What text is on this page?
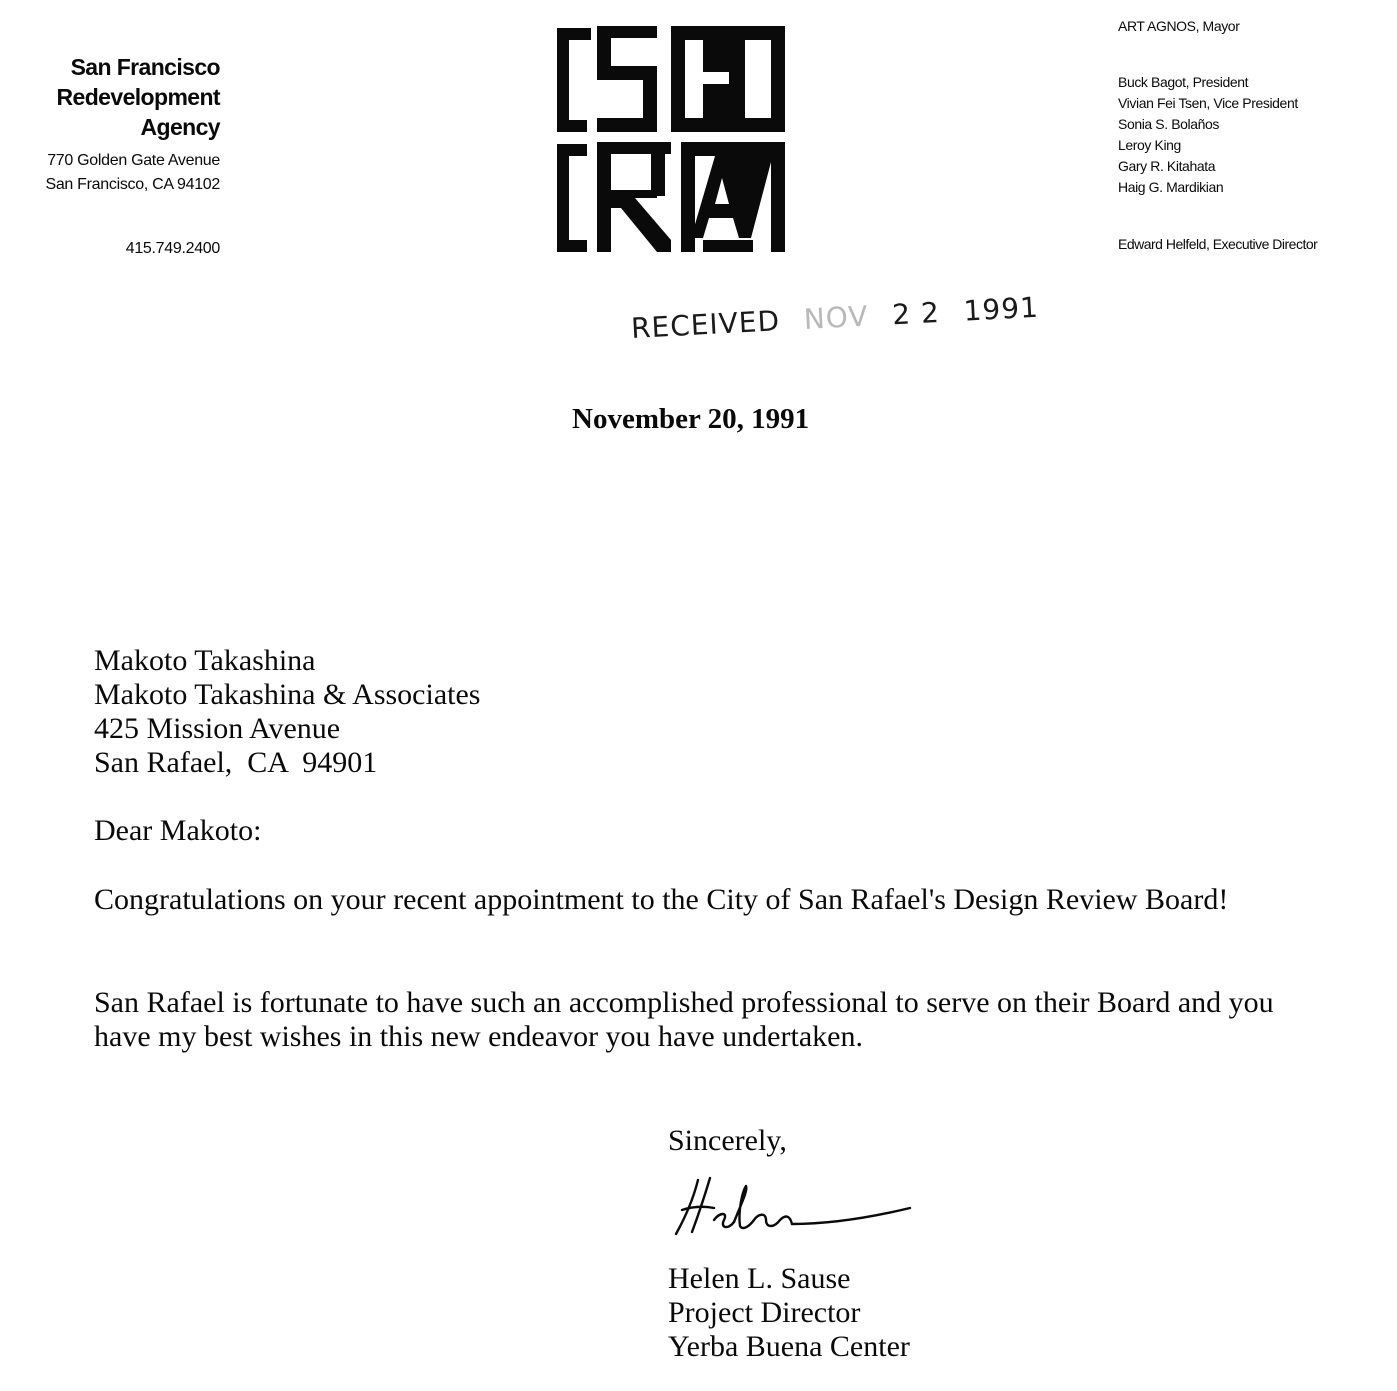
San Francisco
Redevelopment Agency
770 Golden Gate Avenue
San Francisco, CA 94102
415.749.2400
ART AGNOS, Mayor
Buck Bagot, President
Vivian Fei Tsen, Vice President
Sonia S. Bolaños
Leroy King
Gary R. Kitahata
Haig G. Mardikian
Edward Helfeld, Executive Director
RECEIVED NOV 2 2 1991
November 20, 1991
Makoto Takashina
Makoto Takashina & Associates
425 Mission Avenue
San Rafael,  CA  94901
Dear Makoto:

Congratulations on your recent appointment to the City of San Rafael's Design Review Board!

San Rafael is fortunate to have such an accomplished professional to serve on their Board and you have my best wishes in this new endeavor you have undertaken.

Sincerely,
Helen L. Sause
Project Director
Yerba Buena Center
